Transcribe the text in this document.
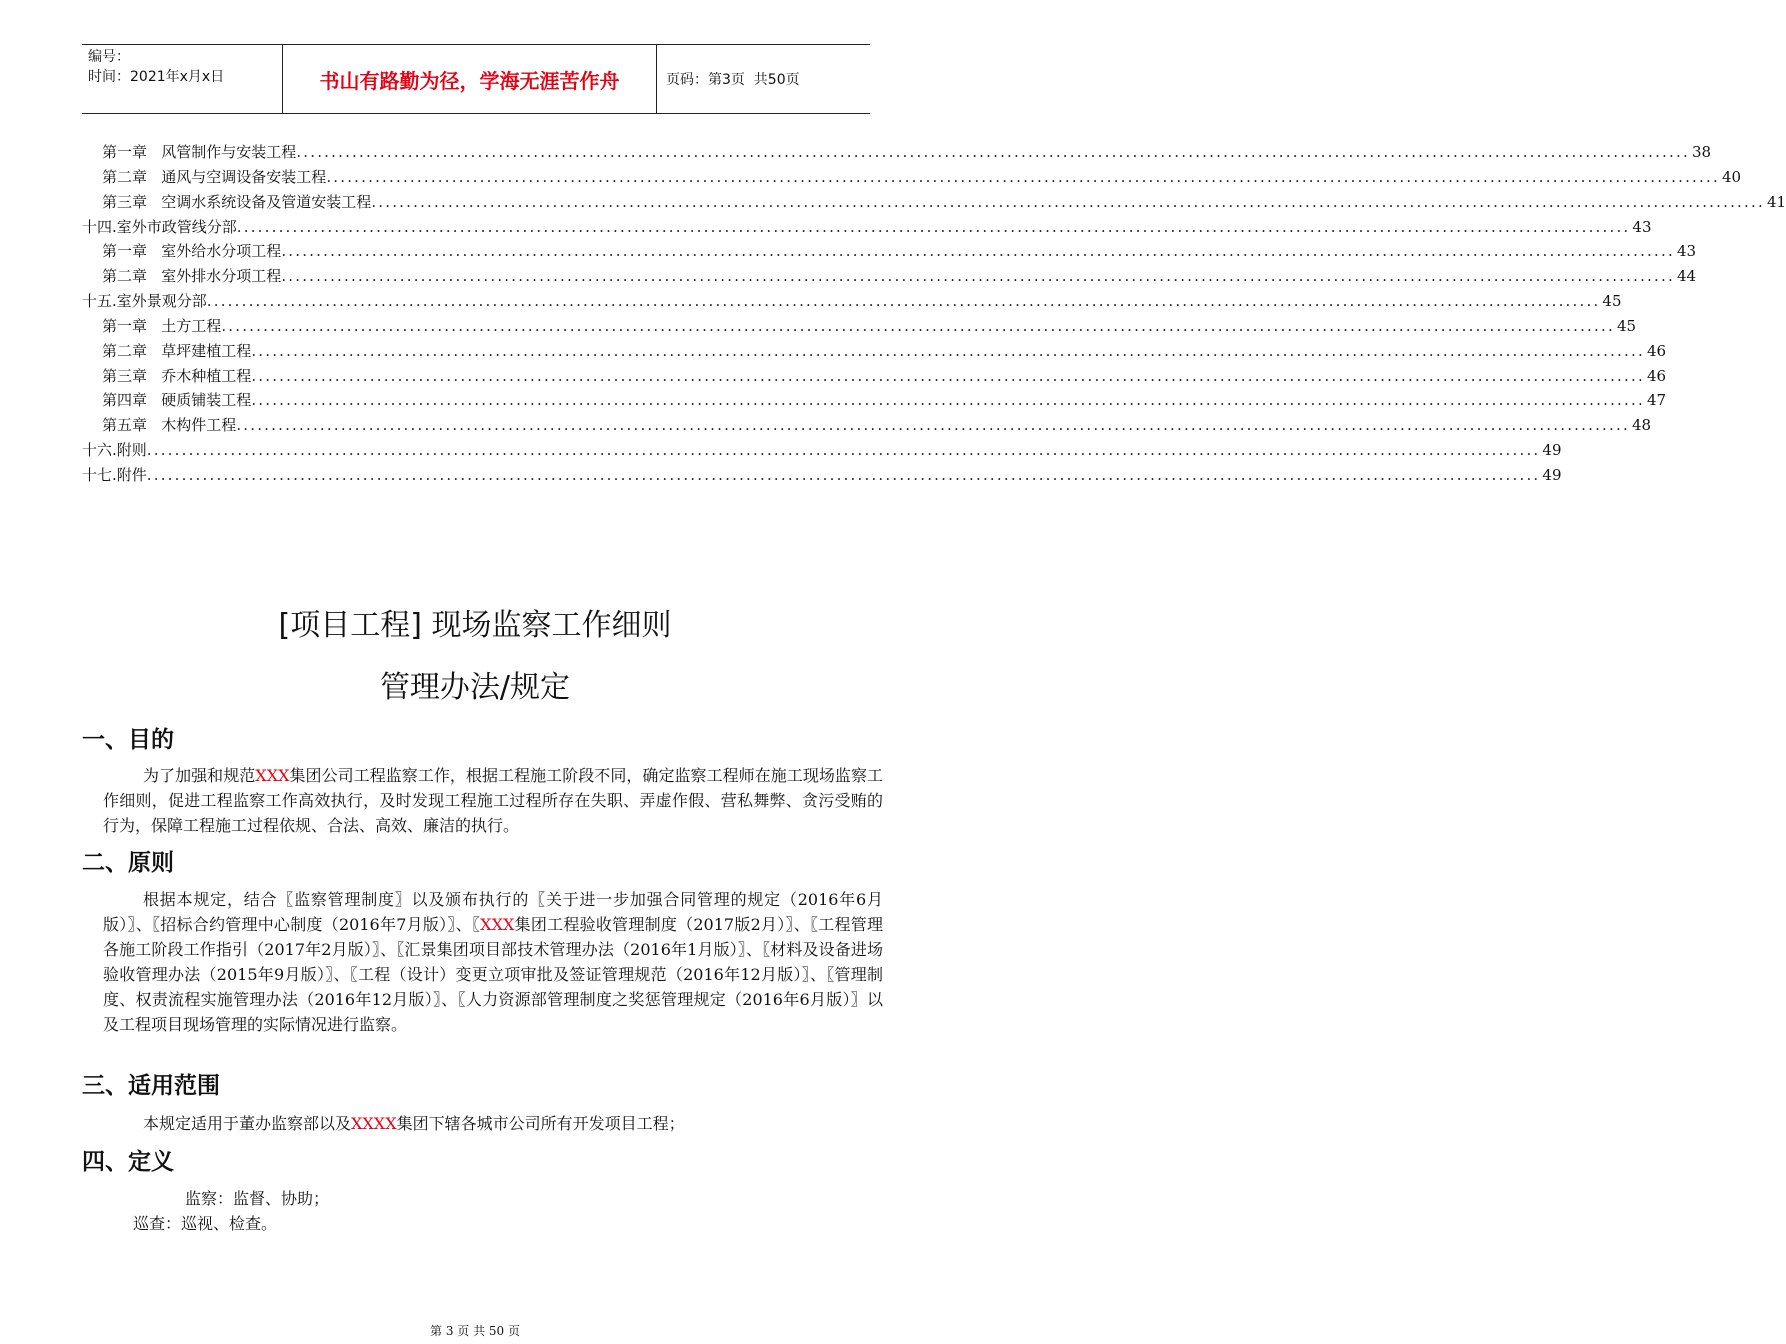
编号：
时间：2021年x月x日	书山有路勤为径，学海无涯苦作舟	页码：第3页  共50页
第一章   风管制作与安装工程 ........................................................................................................................................................................................................ 38
第二章   通风与空调设备安装工程 ........................................................................................................................................................................................................ 40
第三章   空调水系统设备及管道安装工程 ........................................................................................................................................................................................................ 41
十四.室外市政管线分部 ........................................................................................................................................................................................................ 43
第一章   室外给水分项工程 ........................................................................................................................................................................................................ 43
第二章   室外排水分项工程 ........................................................................................................................................................................................................ 44
十五.室外景观分部 ........................................................................................................................................................................................................ 45
第一章   土方工程 ........................................................................................................................................................................................................ 45
第二章   草坪建植工程 ........................................................................................................................................................................................................ 46
第三章   乔木种植工程 ........................................................................................................................................................................................................ 46
第四章   硬质铺装工程 ........................................................................................................................................................................................................ 47
第五章   木构件工程 ........................................................................................................................................................................................................ 48
十六.附则 ........................................................................................................................................................................................................ 49
十七.附件 ........................................................................................................................................................................................................ 49
[项目工程] 现场监察工作细则
管理办法/规定
一、目的
为了加强和规范XXX集团公司工程监察工作，根据工程施工阶段不同，确定监察工程师在施工现场监察工作细则，促进工程监察工作高效执行，及时发现工程施工过程所存在失职、弄虚作假、营私舞弊、贪污受贿的行为，保障工程施工过程依规、合法、高效、廉洁的执行。
二、原则
根据本规定，结合〖监察管理制度〗以及颁布执行的〖关于进一步加强合同管理的规定（2016年6月版）〗、〖招标合约管理中心制度（2016年7月版）〗、〖XXX集团工程验收管理制度（2017版2月）〗、〖工程管理各施工阶段工作指引（2017年2月版）〗、〖汇景集团项目部技术管理办法（2016年1月版）〗、〖材料及设备进场验收管理办法（2015年9月版）〗、〖工程（设计）变更立项审批及签证管理规范（2016年12月版）〗、〖管理制度、权责流程实施管理办法（2016年12月版）〗、〖人力资源部管理制度之奖惩管理规定（2016年6月版）〗以及工程项目现场管理的实际情况进行监察。
三、适用范围
本规定适用于董办监察部以及XXXX集团下辖各城市公司所有开发项目工程；
四、定义
监察：监督、协助；
巡查：巡视、检查。
第 3 页 共 50 页
